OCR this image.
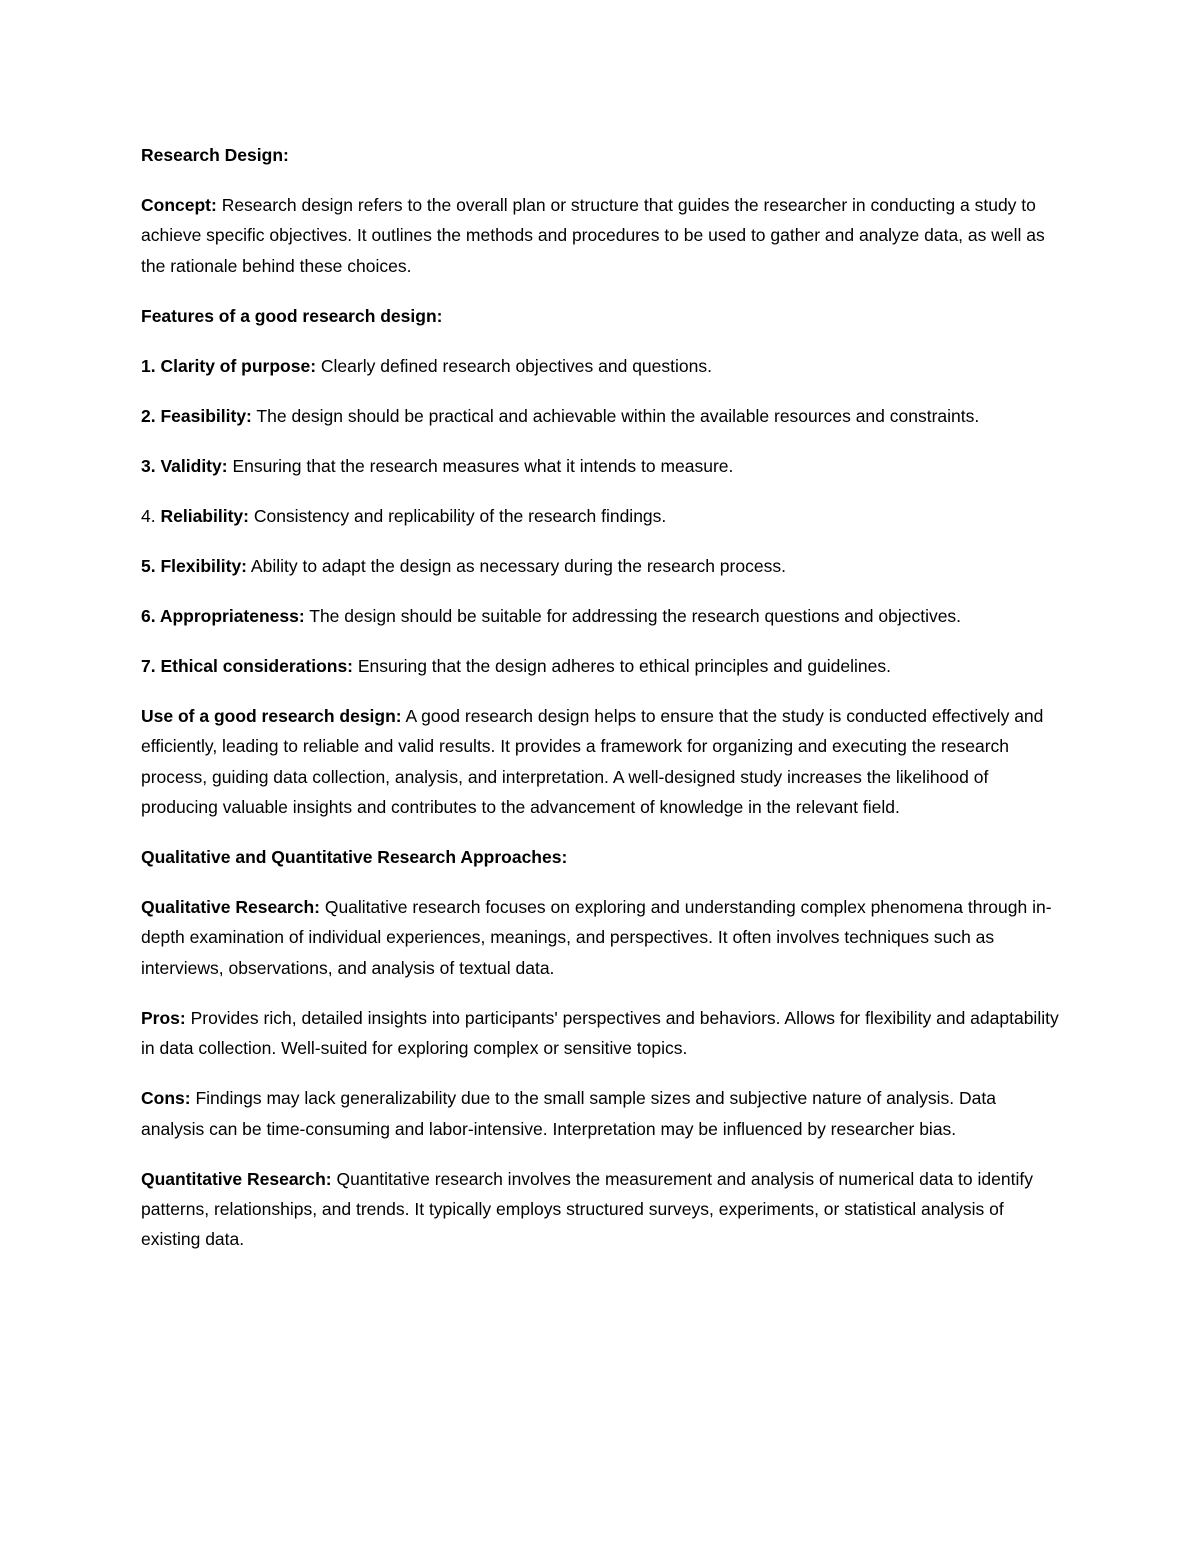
Research Design:

Concept: Research design refers to the overall plan or structure that guides the researcher in conducting a study to achieve specific objectives. It outlines the methods and procedures to be used to gather and analyze data, as well as the rationale behind these choices.

Features of a good research design:

1. Clarity of purpose: Clearly defined research objectives and questions.

2. Feasibility: The design should be practical and achievable within the available resources and constraints.

3. Validity: Ensuring that the research measures what it intends to measure.

4. Reliability: Consistency and replicability of the research findings.

5. Flexibility: Ability to adapt the design as necessary during the research process.

6. Appropriateness: The design should be suitable for addressing the research questions and objectives.

7. Ethical considerations: Ensuring that the design adheres to ethical principles and guidelines.

Use of a good research design: A good research design helps to ensure that the study is conducted effectively and efficiently, leading to reliable and valid results. It provides a framework for organizing and executing the research process, guiding data collection, analysis, and interpretation. A well-designed study increases the likelihood of producing valuable insights and contributes to the advancement of knowledge in the relevant field.

Qualitative and Quantitative Research Approaches:

Qualitative Research: Qualitative research focuses on exploring and understanding complex phenomena through in-depth examination of individual experiences, meanings, and perspectives. It often involves techniques such as interviews, observations, and analysis of textual data.

Pros: Provides rich, detailed insights into participants' perspectives and behaviors. Allows for flexibility and adaptability in data collection. Well-suited for exploring complex or sensitive topics.

Cons: Findings may lack generalizability due to the small sample sizes and subjective nature of analysis. Data analysis can be time-consuming and labor-intensive. Interpretation may be influenced by researcher bias.

Quantitative Research: Quantitative research involves the measurement and analysis of numerical data to identify patterns, relationships, and trends. It typically employs structured surveys, experiments, or statistical analysis of existing data.
